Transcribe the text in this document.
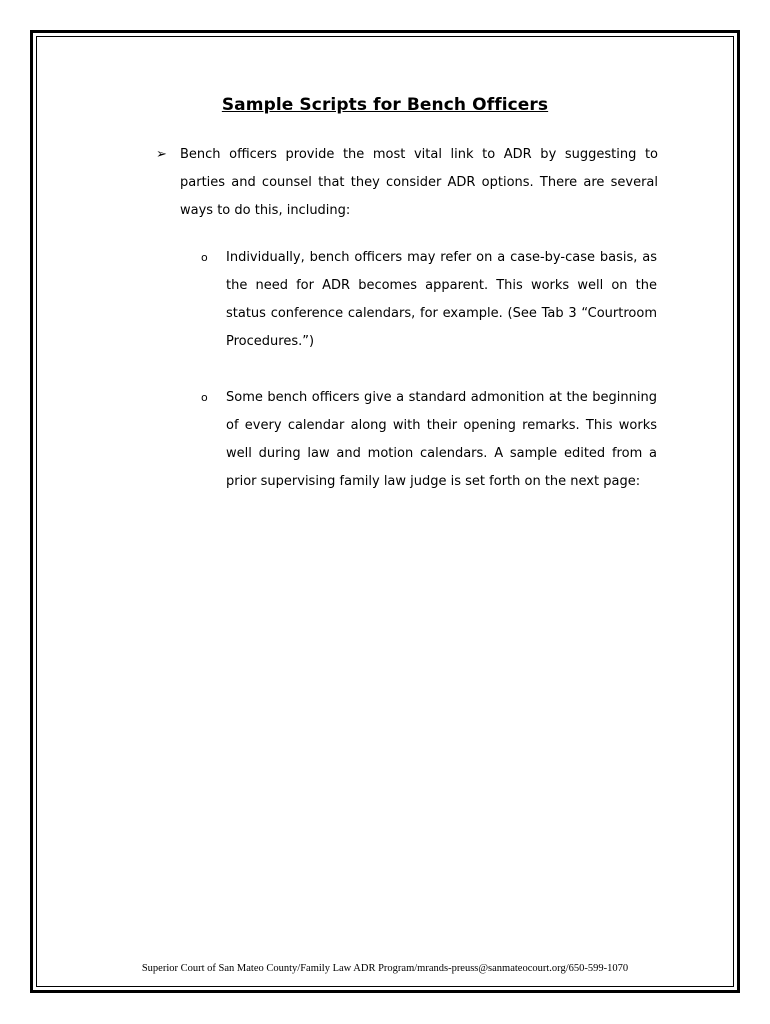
Sample Scripts for Bench Officers
➢ Bench officers provide the most vital link to ADR by suggesting to parties and counsel that they consider ADR options. There are several ways to do this, including:
o Individually, bench officers may refer on a case-by-case basis, as the need for ADR becomes apparent. This works well on the status conference calendars, for example. (See Tab 3 “Courtroom Procedures.”)
o Some bench officers give a standard admonition at the beginning of every calendar along with their opening remarks. This works well during law and motion calendars. A sample edited from a prior supervising family law judge is set forth on the next page:
Superior Court of San Mateo County/Family Law ADR Program/mrands-preuss@sanmateocourt.org/650-599-1070
